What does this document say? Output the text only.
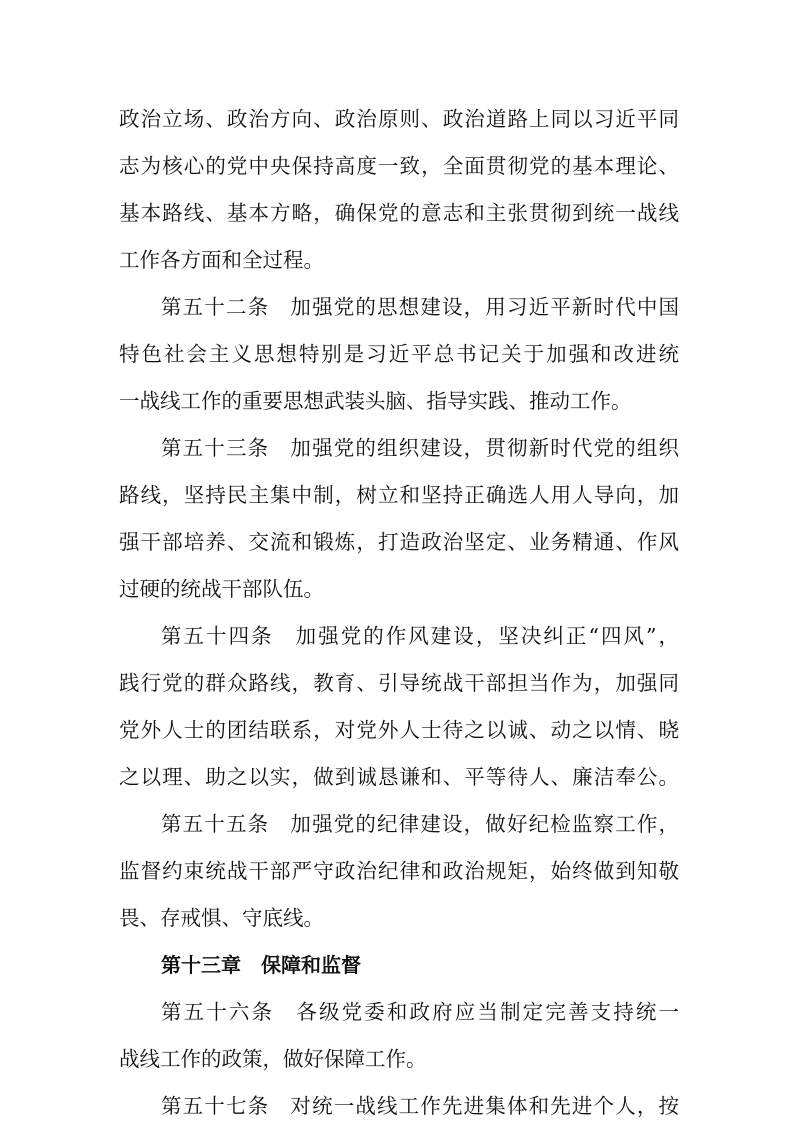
政治立场、政治方向、政治原则、政治道路上同以习近平同
志为核心的党中央保持高度一致，全面贯彻党的基本理论、
基本路线、基本方略，确保党的意志和主张贯彻到统一战线
工作各方面和全过程。
第五十二条 加强党的思想建设，用习近平新时代中国
特色社会主义思想特别是习近平总书记关于加强和改进统
一战线工作的重要思想武装头脑、指导实践、推动工作。
第五十三条 加强党的组织建设，贯彻新时代党的组织
路线，坚持民主集中制，树立和坚持正确选人用人导向，加
强干部培养、交流和锻炼，打造政治坚定、业务精通、作风
过硬的统战干部队伍。
第五十四条 加强党的作风建设，坚决纠正“四风”，
践行党的群众路线，教育、引导统战干部担当作为，加强同
党外人士的团结联系，对党外人士待之以诚、动之以情、晓
之以理、助之以实，做到诚恳谦和、平等待人、廉洁奉公。
第五十五条 加强党的纪律建设，做好纪检监察工作，
监督约束统战干部严守政治纪律和政治规矩，始终做到知敬
畏、存戒惧、守底线。
第十三章 保障和监督
第五十六条 各级党委和政府应当制定完善支持统一
战线工作的政策，做好保障工作。
第五十七条 对统一战线工作先进集体和先进个人，按
